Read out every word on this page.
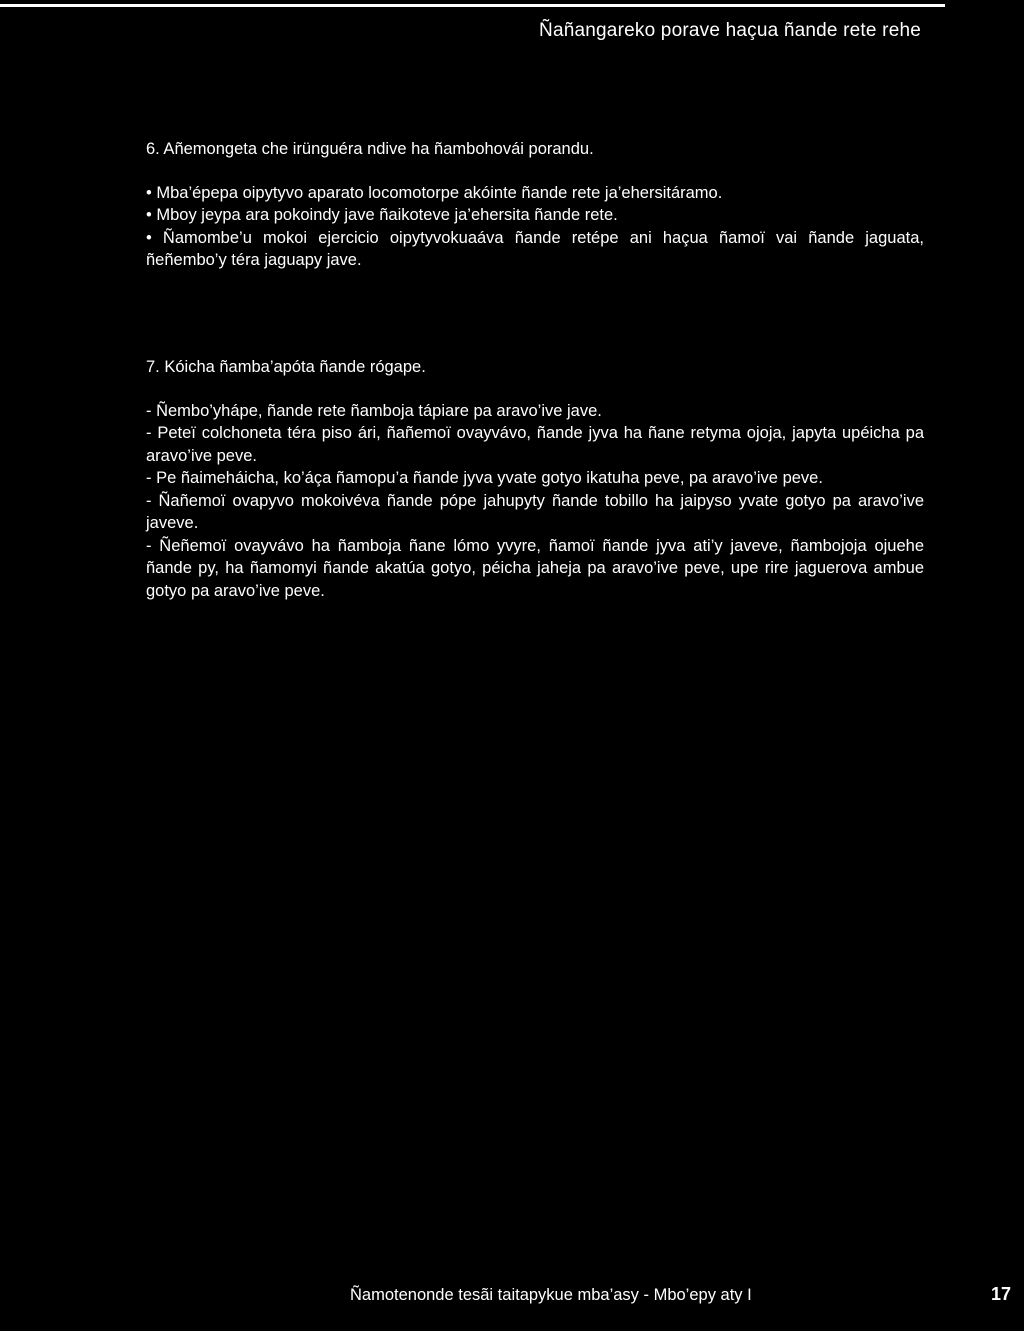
Ñañangareko porave haçua ñande rete rehe

6. Añemongeta che irünguéra ndive ha ñambohovái porandu.

• Mba’épepa oipytyvo aparato locomotorpe akóinte ñande rete ja’ehersitáramo.
• Mboy jeypa ara pokoindy jave ñaikoteve ja’ehersita ñande rete.
• Ñamombe’u mokoi ejercicio oipytyvokuaáva ñande retépe ani haçua ñamoï vai ñande jaguata, ñeñembo’y téra jaguapy jave.

7. Kóicha ñamba’apóta ñande rógape.

- Ñembo’yhápe, ñande rete ñamboja tápiare pa aravo’ive jave.
- Peteï colchoneta téra piso ári, ñañemoï ovayvávo, ñande jyva ha ñane retyma ojoja, japyta upéicha pa aravo’ive peve.
- Pe ñaimeháicha, ko’áça ñamopu’a ñande jyva yvate gotyo ikatuha peve, pa aravo’ive peve.
- Ñañemoï ovapyvo mokoivéva ñande pópe jahupyty ñande tobillo ha jaipyso yvate gotyo pa aravo’ive javeve.
- Ñeñemoï ovayvávo ha ñamboja ñane lómo yvyre, ñamoï ñande jyva ati’y javeve, ñambojoja ojuehe ñande py, ha ñamomyi ñande akatúa gotyo, péicha jaheja pa aravo’ive peve, upe rire jaguerova ambue gotyo pa aravo’ive peve.
Ñamotenonde tesãi taitapykue mba’asy - Mbo’epy aty I	17
